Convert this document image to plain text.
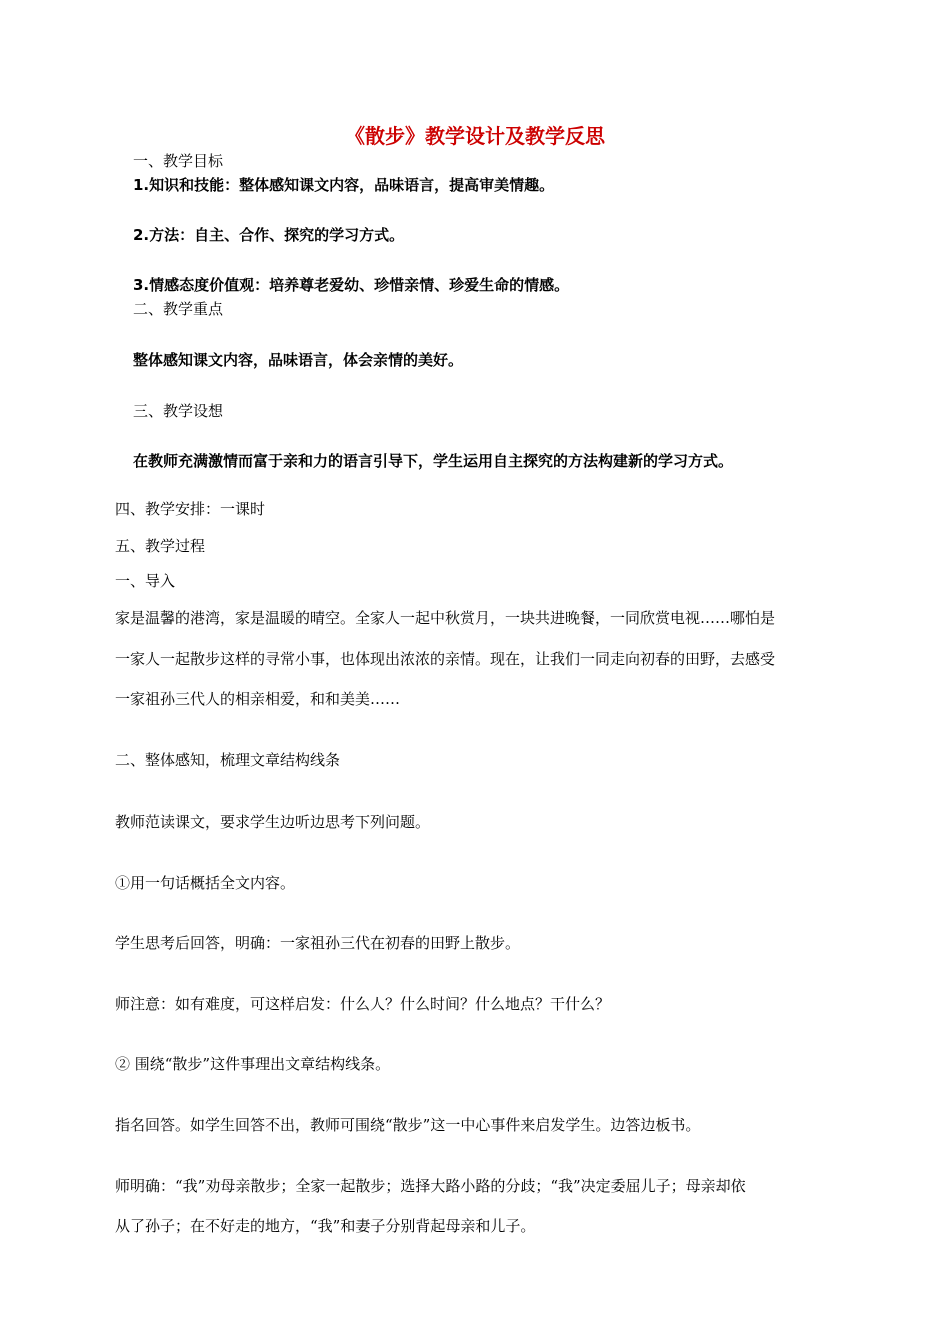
《散步》教学设计及教学反思
一、教学目标
1.知识和技能：整体感知课文内容，品味语言，提高审美情趣。
2.方法：自主、合作、探究的学习方式。
3.情感态度价值观：培养尊老爱幼、珍惜亲情、珍爱生命的情感。
二、教学重点
整体感知课文内容，品味语言，体会亲情的美好。
三、教学设想
在教师充满激情而富于亲和力的语言引导下，学生运用自主探究的方法构建新的学习方式。
四、教学安排：一课时
五、教学过程
一、导入
家是温馨的港湾，家是温暖的晴空。全家人一起中秋赏月，一块共进晚餐，一同欣赏电视……哪怕是
一家人一起散步这样的寻常小事，也体现出浓浓的亲情。现在，让我们一同走向初春的田野，去感受
一家祖孙三代人的相亲相爱，和和美美……
二、整体感知，梳理文章结构线条
教师范读课文，要求学生边听边思考下列问题。
①用一句话概括全文内容。
学生思考后回答，明确：一家祖孙三代在初春的田野上散步。
师注意：如有难度，可这样启发：什么人？什么时间？什么地点？干什么？
② 围绕“散步”这件事理出文章结构线条。
指名回答。如学生回答不出，教师可围绕“散步”这一中心事件来启发学生。边答边板书。
师明确：“我”劝母亲散步；全家一起散步；选择大路小路的分歧；“我”决定委屈儿子；母亲却依
从了孙子；在不好走的地方，“我”和妻子分别背起母亲和儿子。
